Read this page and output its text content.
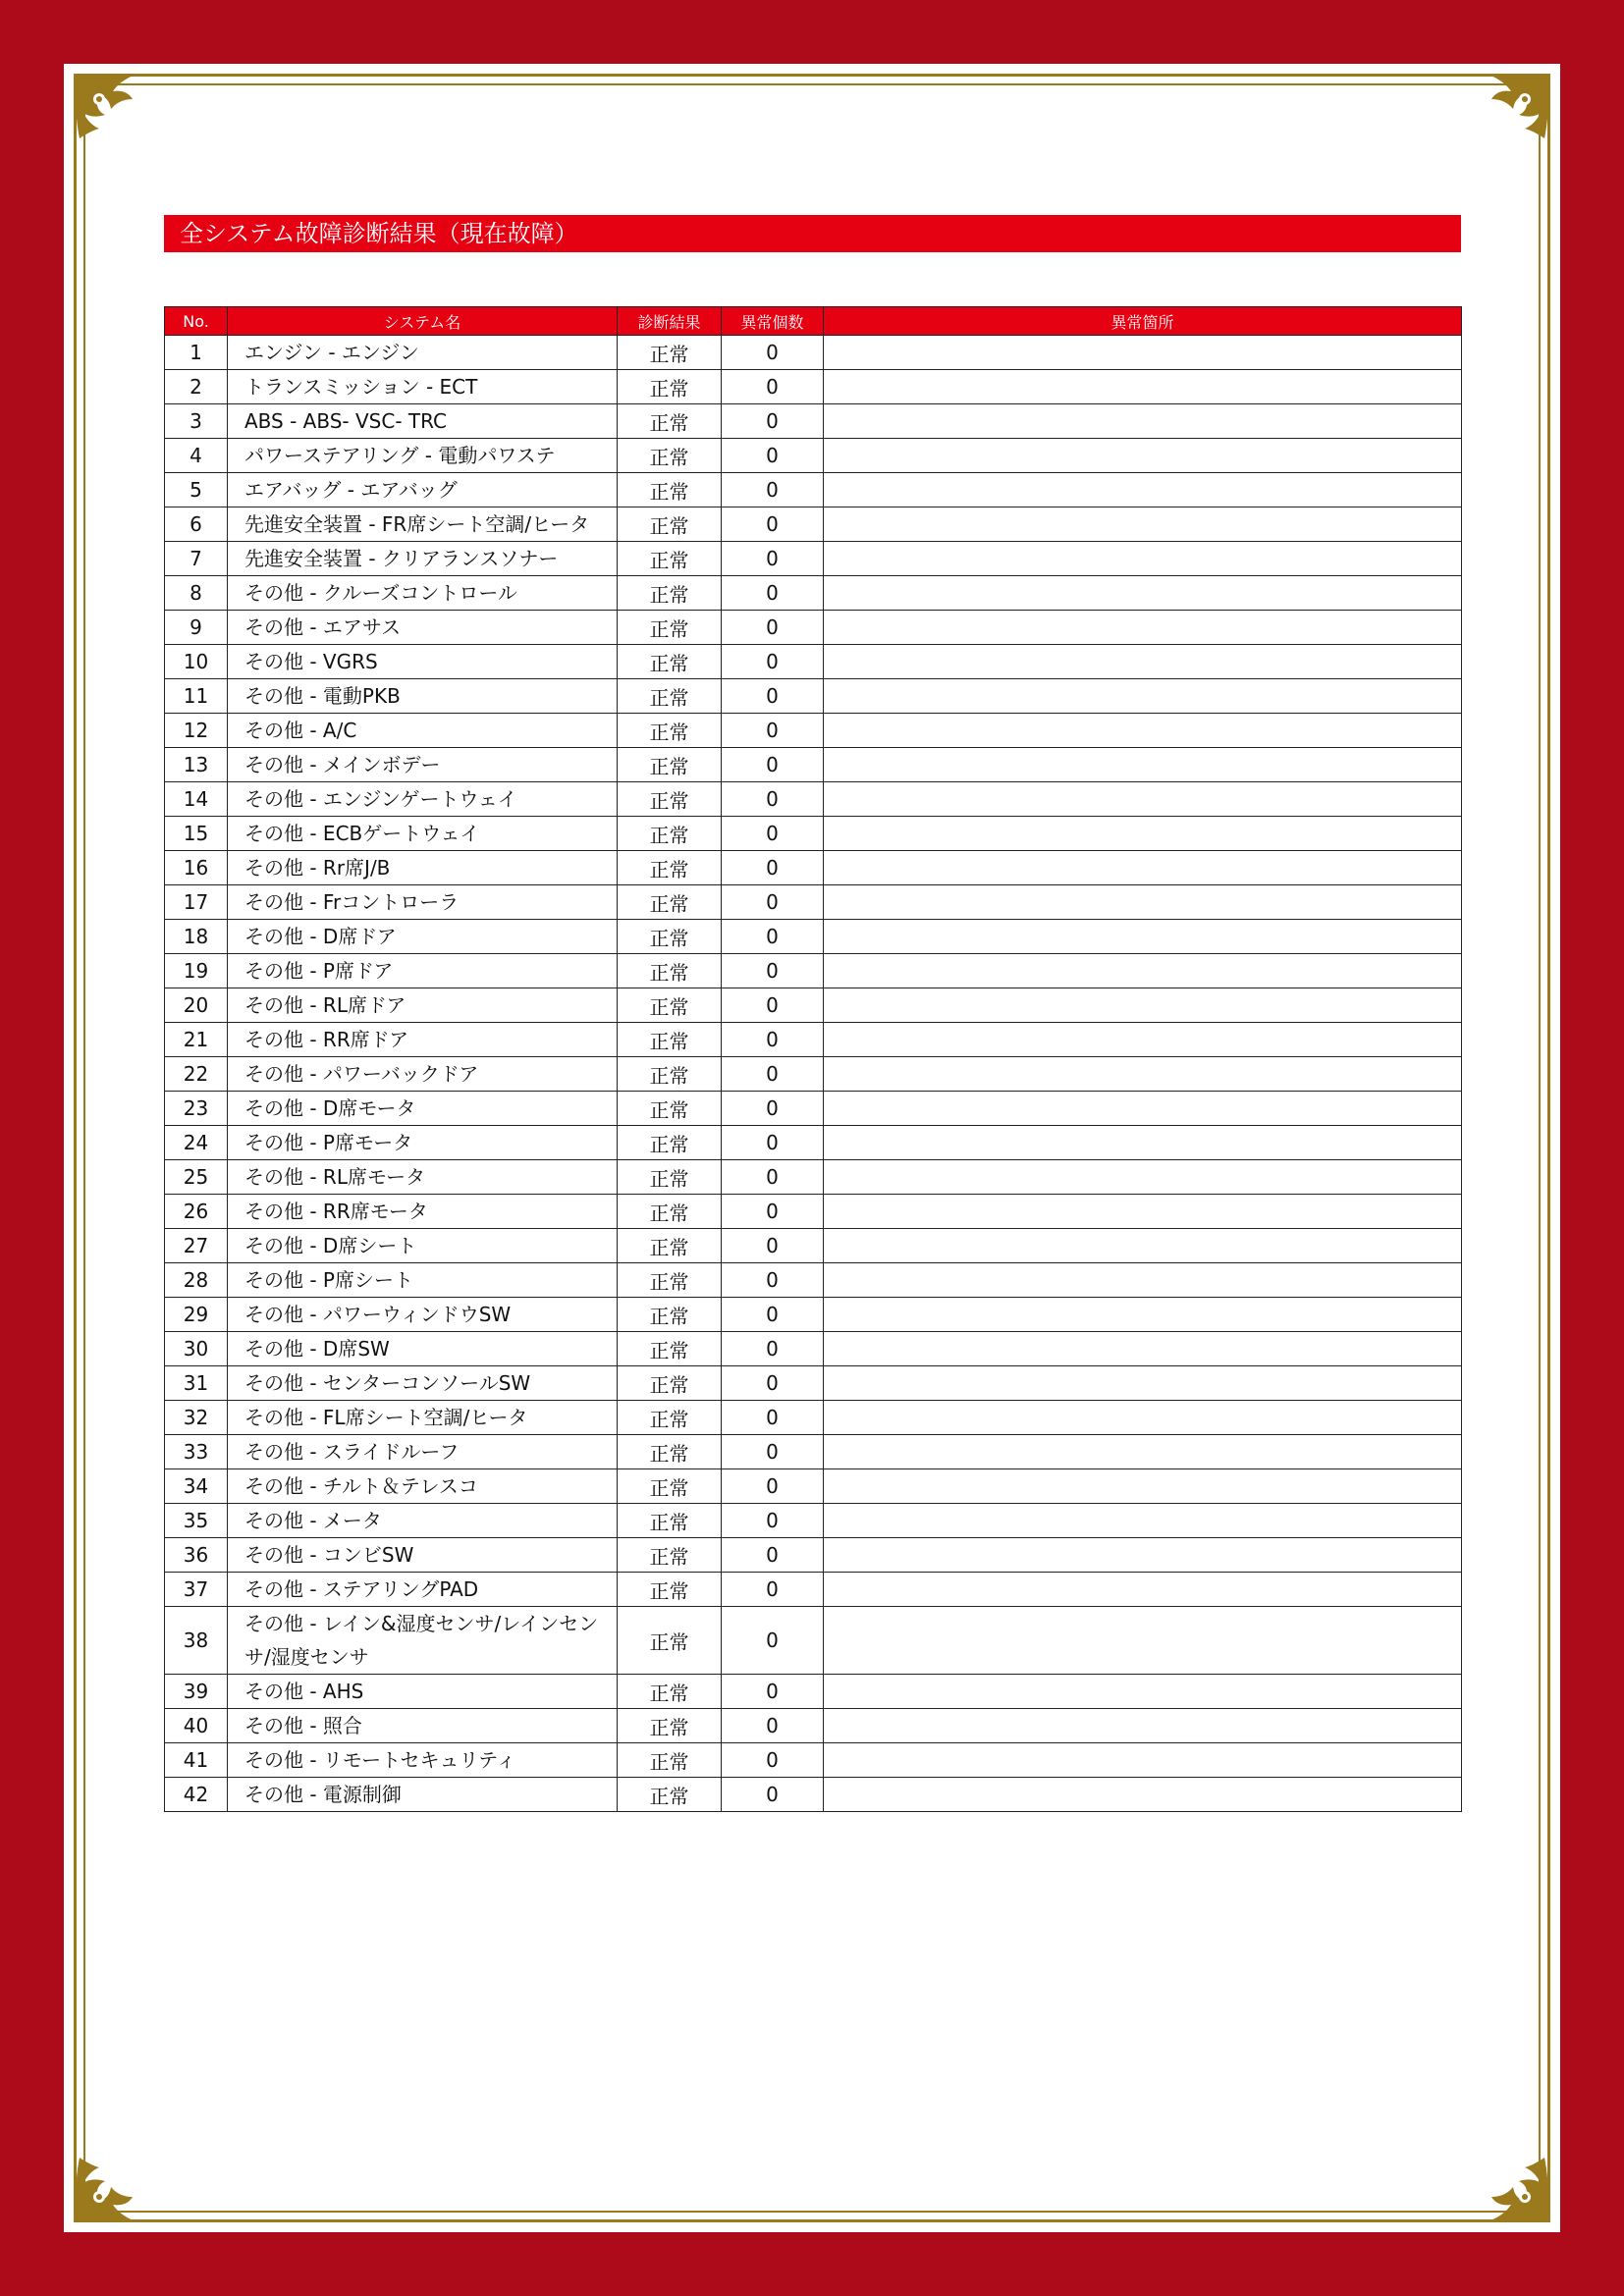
全システム故障診断結果（現在故障）
No.	システム名	診断結果	異常個数	異常箇所
1	エンジン - エンジン	正常	0	
2	トランスミッション - ECT	正常	0	
3	ABS - ABS- VSC- TRC	正常	0	
4	パワーステアリング - 電動パワステ	正常	0	
5	エアバッグ - エアバッグ	正常	0	
6	先進安全装置 - FR席シート空調/ヒータ	正常	0	
7	先進安全装置 - クリアランスソナー	正常	0	
8	その他 - クルーズコントロール	正常	0	
9	その他 - エアサス	正常	0	
10	その他 - VGRS	正常	0	
11	その他 - 電動PKB	正常	0	
12	その他 - A/C	正常	0	
13	その他 - メインボデー	正常	0	
14	その他 - エンジンゲートウェイ	正常	0	
15	その他 - ECBゲートウェイ	正常	0	
16	その他 - Rr席J/B	正常	0	
17	その他 - Frコントローラ	正常	0	
18	その他 - D席ドア	正常	0	
19	その他 - P席ドア	正常	0	
20	その他 - RL席ドア	正常	0	
21	その他 - RR席ドア	正常	0	
22	その他 - パワーバックドア	正常	0	
23	その他 - D席モータ	正常	0	
24	その他 - P席モータ	正常	0	
25	その他 - RL席モータ	正常	0	
26	その他 - RR席モータ	正常	0	
27	その他 - D席シート	正常	0	
28	その他 - P席シート	正常	0	
29	その他 - パワーウィンドウSW	正常	0	
30	その他 - D席SW	正常	0	
31	その他 - センターコンソールSW	正常	0	
32	その他 - FL席シート空調/ヒータ	正常	0	
33	その他 - スライドルーフ	正常	0	
34	その他 - チルト＆テレスコ	正常	0	
35	その他 - メータ	正常	0	
36	その他 - コンビSW	正常	0	
37	その他 - ステアリングPAD	正常	0	
38	その他 - レイン&湿度センサ/レインセンサ/湿度センサ	正常	0	
39	その他 - AHS	正常	0	
40	その他 - 照合	正常	0	
41	その他 - リモートセキュリティ	正常	0	
42	その他 - 電源制御	正常	0	
